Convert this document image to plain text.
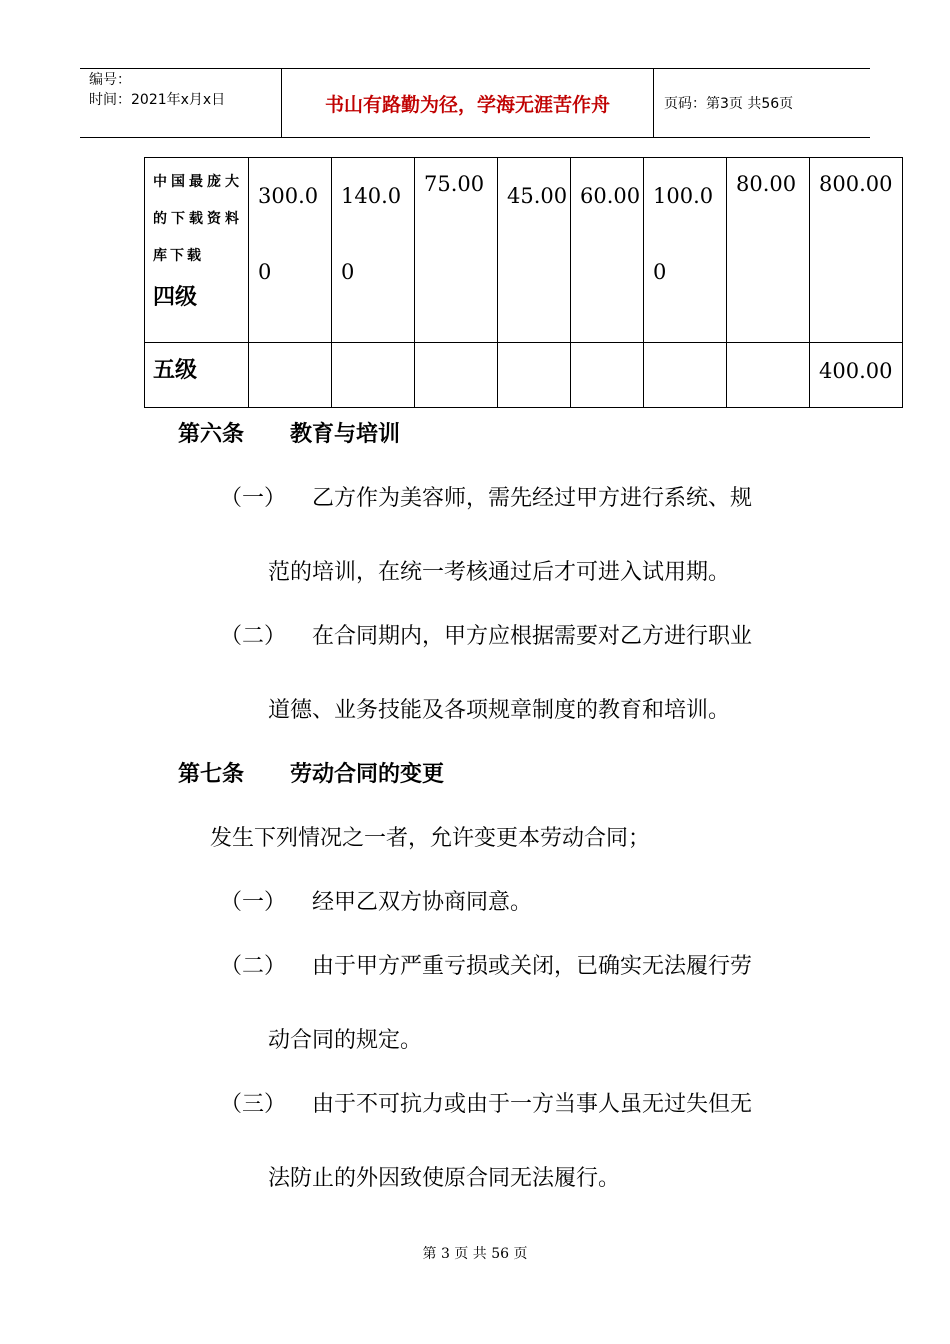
编号：
时间：2021年x月x日	书山有路勤为径，学海无涯苦作舟	页码：第3页 共56页
中国最庞大的下载资料库下载
四级	300.00	140.00	75.00	45.00	60.00	100.00	80.00	800.00

五级								400.00
第六条 教育与培训
（一） 乙方作为美容师，需先经过甲方进行系统、规
范的培训，在统一考核通过后才可进入试用期。
（二） 在合同期内，甲方应根据需要对乙方进行职业
道德、业务技能及各项规章制度的教育和培训。
第七条 劳动合同的变更
发生下列情况之一者，允许变更本劳动合同；
（一） 经甲乙双方协商同意。
（二） 由于甲方严重亏损或关闭，已确实无法履行劳
动合同的规定。
（三） 由于不可抗力或由于一方当事人虽无过失但无
法防止的外因致使原合同无法履行。
第 3 页 共 56 页
